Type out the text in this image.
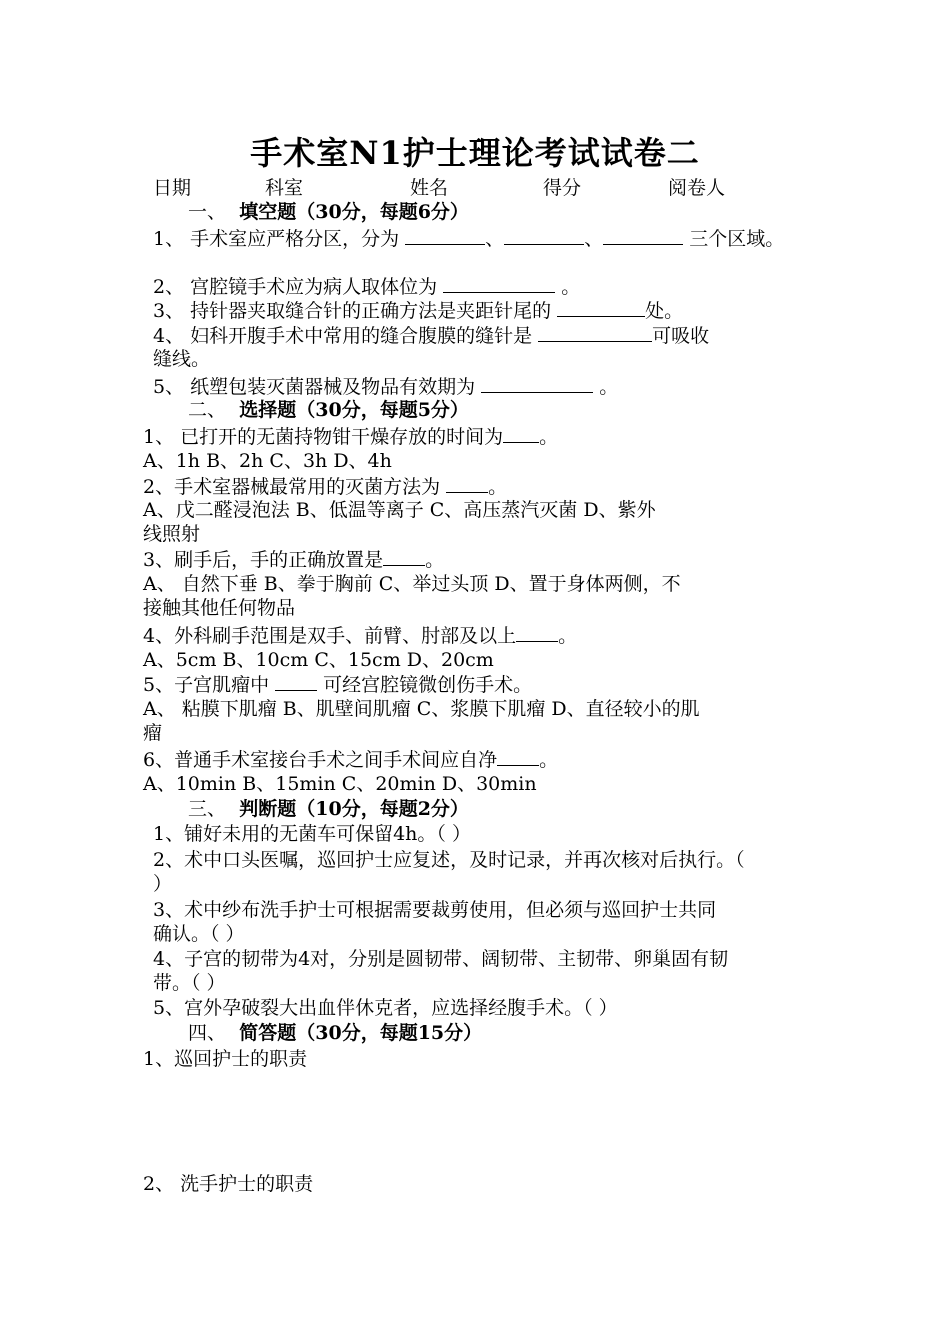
手术室N1护士理论考试试卷二
日期	科室	姓名	得分	阅卷人
一、 填空题（30分，每题6分）
1、 手术室应严格分区，分为	、	、	三个区域。
2、 宫腔镜手术应为病人取体位为	。
3、 持针器夹取缝合针的正确方法是夹距针尾的	处。
4、 妇科开腹手术中常用的缝合腹膜的缝针是	可吸收
缝线。
5、 纸塑包装灭菌器械及物品有效期为	。
二、 选择题（30分，每题5分）
1、 已打开的无菌持物钳干燥存放的时间为 。
A、1h B、2h C、3h D、4h
2、手术室器械最常用的灭菌方法为 。
A、戊二醛浸泡法 B、低温等离子 C、高压蒸汽灭菌 D、紫外
线照射
3、刷手后，手的正确放置是 。
A、 自然下垂 B、拳于胸前 C、举过头顶 D、置于身体两侧，不
接触其他任何物品
4、外科刷手范围是双手、前臂、肘部及以上 。
A、5cm B、10cm C、15cm D、20cm
5、子宫肌瘤中  可经宫腔镜微创伤手术。
A、 粘膜下肌瘤 B、肌壁间肌瘤 C、浆膜下肌瘤 D、直径较小的肌
瘤
6、普通手术室接台手术之间手术间应自净 。
A、10min B、15min C、20min D、30min
三、 判断题（10分，每题2分）
1、铺好未用的无菌车可保留4h。（ ）
2、术中口头医嘱，巡回护士应复述，及时记录，并再次核对后执行。（
）
3、术中纱布洗手护士可根据需要裁剪使用，但必须与巡回护士共同
确认。（ ）
4、子宫的韧带为4对，分别是圆韧带、阔韧带、主韧带、卵巢固有韧
带。（ ）
5、宫外孕破裂大出血伴休克者，应选择经腹手术。（ ）
四、 简答题（30分，每题15分）
1、巡回护士的职责
2、 洗手护士的职责
